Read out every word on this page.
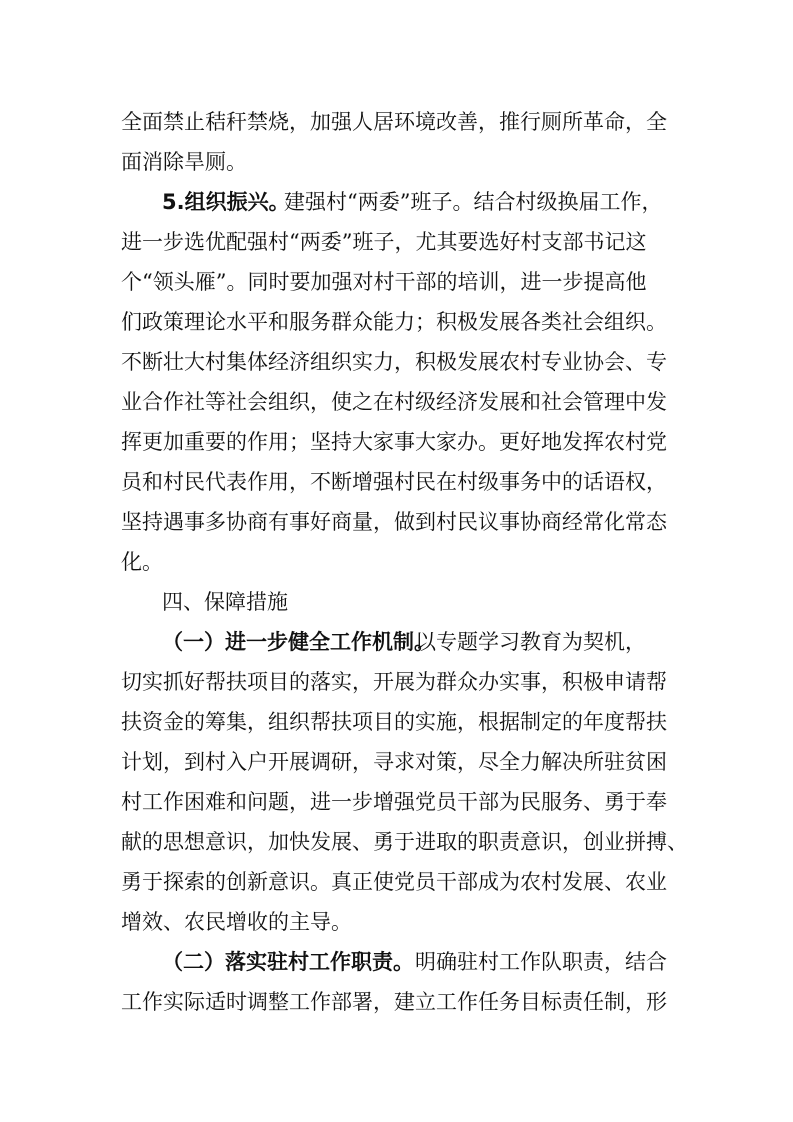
全面禁止秸秆禁烧，加强人居环境改善，推行厕所革命，全

面消除旱厕。

5.组织振兴。

建强村“两委”班子。结合村级换届工作，

进一步选优配强村“两委”班子，尤其要选好村支部书记这

个“领头雁”。同时要加强对村干部的培训，进一步提高他

们政策理论水平和服务群众能力；积极发展各类社会组织。

不断壮大村集体经济组织实力，积极发展农村专业协会、专

业合作社等社会组织，使之在村级经济发展和社会管理中发

挥更加重要的作用；坚持大家事大家办。更好地发挥农村党

员和村民代表作用，不断增强村民在村级事务中的话语权，

坚持遇事多协商有事好商量，做到村民议事协商经常化常态

化。

四、保障措施

（一）进一步健全工作机制。

以专题学习教育为契机，

切实抓好帮扶项目的落实，开展为群众办实事，积极申请帮

扶资金的筹集，组织帮扶项目的实施，根据制定的年度帮扶

计划，到村入户开展调研，寻求对策，尽全力解决所驻贫困

村工作困难和问题，进一步增强党员干部为民服务、勇于奉

献的思想意识，加快发展、勇于进取的职责意识，创业拼搏、

勇于探索的创新意识。真正使党员干部成为农村发展、农业

增效、农民增收的主导。

（二）落实驻村工作职责。

明确驻村工作队职责，结合

工作实际适时调整工作部署，建立工作任务目标责任制，形
